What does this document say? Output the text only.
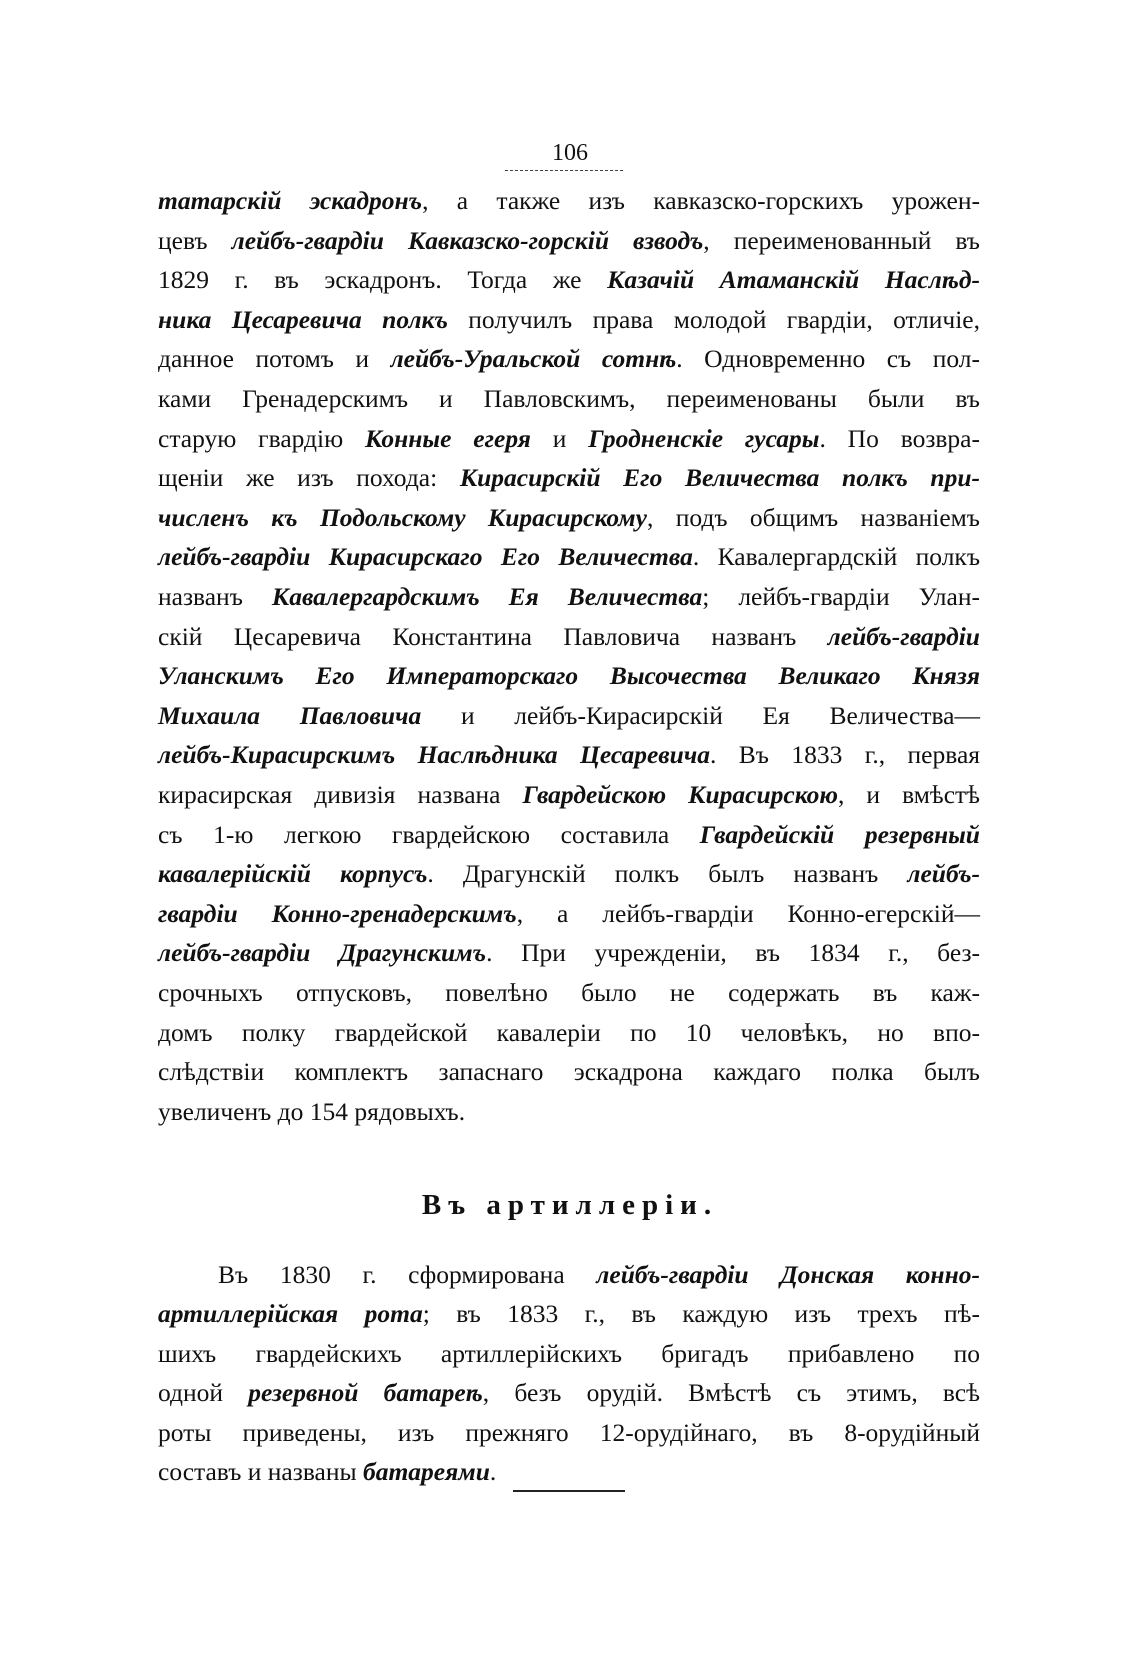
106
татарскій эскадронъ, а также изъ кавказско-горскихъ урожен-
цевъ лейбъ-гвардіи Кавказско-горскій взводъ, переименованный въ
1829 г. въ эскадронъ. Тогда же Казачій Атаманскій Наслѣд-
ника Цесаревича полкъ получилъ права молодой гвардіи, отличіе,
данное потомъ и лейбъ-Уральской сотнѣ. Одновременно съ пол-
ками Гренадерскимъ и Павловскимъ, переименованы были въ
старую гвардію Конные егеря и Гродненскіе гусары. По возвра-
щеніи же изъ похода: Кирасирскій Его Величества полкъ при-
численъ къ Подольскому Кирасирскому, подъ общимъ названіемъ
лейбъ-гвардіи Кирасирскаго Его Величества. Кавалергардскій полкъ
названъ Кавалергардскимъ Ея Величества; лейбъ-гвардіи Улан-
скій Цесаревича Константина Павловича названъ лейбъ-гвардіи
Уланскимъ Его Императорскаго Высочества Великаго Князя
Михаила Павловича и лейбъ-Кирасирскій Ея Величества—
лейбъ-Кирасирскимъ Наслѣдника Цесаревича. Въ 1833 г., первая
кирасирская дивизія названа Гвардейскою Кирасирскою, и вмѣстѣ
съ 1-ю легкою гвардейскою составила Гвардейскій резервный
кавалерійскій корпусъ. Драгунскій полкъ былъ названъ лейбъ-
гвардіи Конно-гренадерскимъ, а лейбъ-гвардіи Конно-егерскій—
лейбъ-гвардіи Драгунскимъ. При учрежденіи, въ 1834 г., без-
срочныхъ отпусковъ, повелѣно было не содержать въ каж-
домъ полку гвардейской кавалеріи по 10 человѣкъ, но впо-
слѣдствіи комплектъ запаснаго эскадрона каждаго полка былъ
увеличенъ до 154 рядовыхъ.
Въ артиллеріи.
Въ 1830 г. сформирована лейбъ-гвардіи Донская конно-
артиллерійская рота; въ 1833 г., въ каждую изъ трехъ пѣ-
шихъ гвардейскихъ артиллерійскихъ бригадъ прибавлено по
одной резервной батареѣ, безъ орудій. Вмѣстѣ съ этимъ, всѣ
роты приведены, изъ прежняго 12-орудійнаго, въ 8-орудійный
составъ и названы батареями.
